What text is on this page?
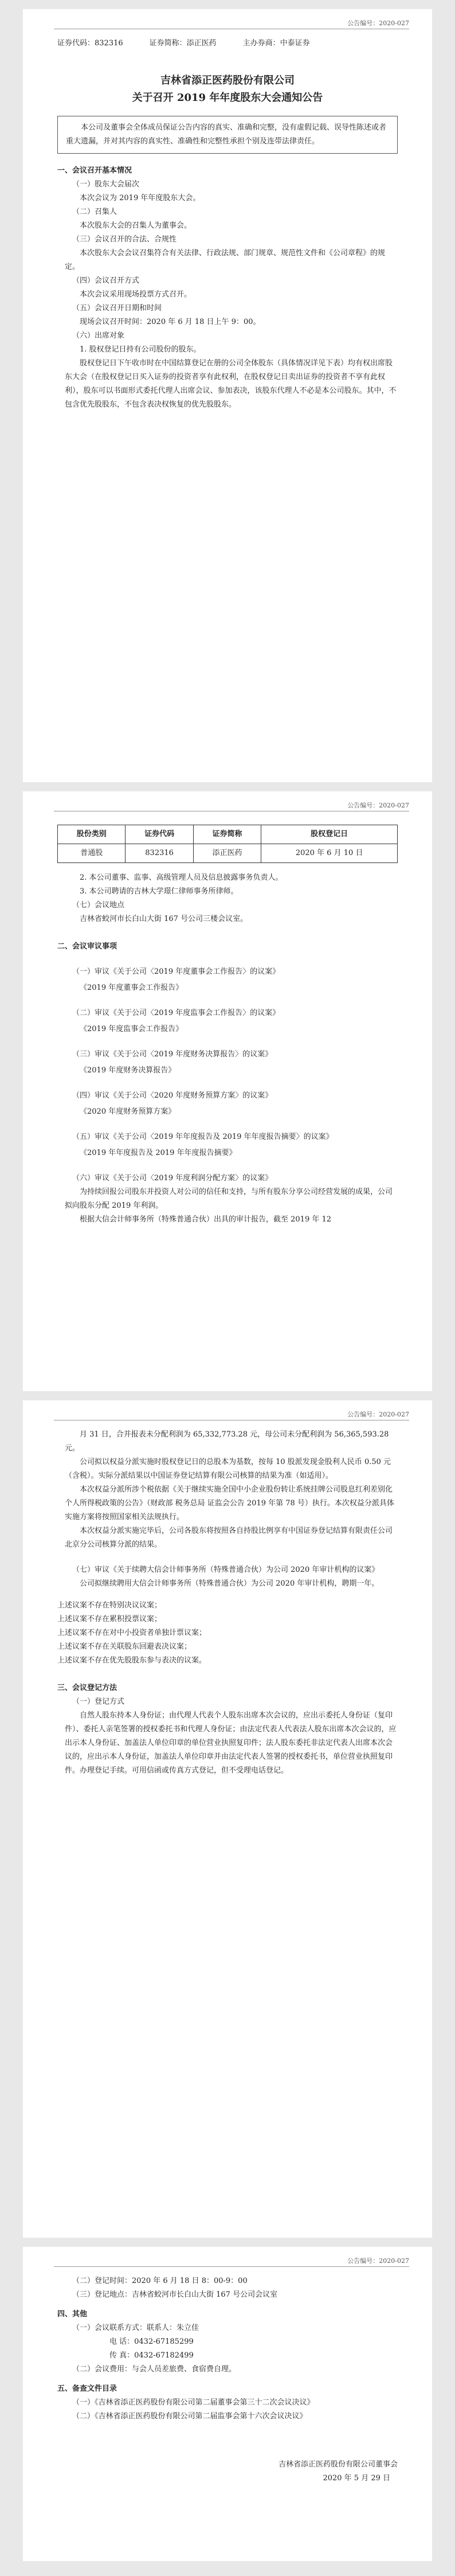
公告编号：2020-027
证券代码：832316	证券简称：添正医药	主办券商：中泰证券
吉林省添正医药股份有限公司
关于召开 2019 年年度股东大会通知公告
本公司及董事会全体成员保证公告内容的真实、准确和完整，没有虚假记载、误导性陈述或者重大遗漏，并对其内容的真实性、准确性和完整性承担个别及连带法律责任。
一、会议召开基本情况
（一）股东大会届次
本次会议为 2019 年年度股东大会。
（二）召集人
本次股东大会的召集人为董事会。
（三）会议召开的合法、合规性
本次股东大会会议召集符合有关法律、行政法规、部门规章、规范性文件和《公司章程》的规定。
（四）会议召开方式
本次会议采用现场投票方式召开。
（五）会议召开日期和时间
现场会议召开时间：2020 年 6 月 18 日上午 9：00。
（六）出席对象
1. 股权登记日持有公司股份的股东。
股权登记日下午收市时在中国结算登记在册的公司全体股东（具体情况详见下表）均有权出席股东大会（在股权登记日买入证券的投资者享有此权利，在股权登记日卖出证券的投资者不享有此权利），股东可以书面形式委托代理人出席会议、参加表决，该股东代理人不必是本公司股东。其中，不包含优先股股东，不包含表决权恢复的优先股股东。
公告编号：2020-027
股份类别	证券代码	证券简称	股权登记日
普通股	832316	添正医药	2020 年 6 月 10 日
2. 本公司董事、监事、高级管理人员及信息披露事务负责人。
3. 本公司聘请的吉林大学璟仁律师事务所律师。
（七）会议地点
吉林省蛟河市长白山大街 167 号公司三楼会议室。
二、会议审议事项
（一）审议《关于公司〈2019 年度董事会工作报告〉的议案》
《2019 年度董事会工作报告》
（二）审议《关于公司〈2019 年度监事会工作报告〉的议案》
《2019 年度监事会工作报告》
（三）审议《关于公司〈2019 年度财务决算报告〉的议案》
《2019 年度财务决算报告》
（四）审议《关于公司〈2020 年度财务预算方案〉的议案》
《2020 年度财务预算方案》
（五）审议《关于公司〈2019 年年度报告及 2019 年年度报告摘要〉的议案》
《2019 年年度报告及 2019 年年度报告摘要》
（六）审议《关于公司〈2019 年度利润分配方案〉的议案》
为持续回报公司股东并投资人对公司的信任和支持，与所有股东分享公司经营发展的成果，公司拟向股东分配 2019 年利润。
根据大信会计师事务所（特殊普通合伙）出具的审计报告，截至 2019 年 12
公告编号：2020-027
月 31 日，合并报表未分配利润为 65,332,773.28 元，母公司未分配利润为 56,365,593.28 元。
公司拟以权益分派实施时股权登记日的总股本为基数，按每 10 股派发现金股利人民币 0.50 元（含税）。实际分派结果以中国证券登记结算有限公司核算的结果为准（如适用）。
本次权益分派所涉个税依据《关于继续实施全国中小企业股份转让系统挂牌公司股息红利差别化个人所得税政策的公告》（财政部 税务总局 证监会公告 2019 年第 78 号）执行。本次权益分派具体实施方案将按照国家相关法规执行。
本次权益分派实施完毕后，公司各股东将按照各自持股比例享有中国证券登记结算有限责任公司北京分公司核算分派的结果。
（七）审议《关于续聘大信会计师事务所（特殊普通合伙）为公司 2020 年审计机构的议案》
公司拟继续聘用大信会计师事务所（特殊普通合伙）为公司 2020 年审计机构，聘期一年。
上述议案不存在特别决议议案；
上述议案不存在累积投票议案；
上述议案不存在对中小投资者单独计票议案；
上述议案不存在关联股东回避表决议案；
上述议案不存在优先股股东参与表决的议案。
三、会议登记方法
（一）登记方式
自然人股东持本人身份证；由代理人代表个人股东出席本次会议的，应出示委托人身份证（复印件）、委托人亲笔签署的授权委托书和代理人身份证；由法定代表人代表法人股东出席本次会议的，应出示本人身份证、加盖法人单位印章的单位营业执照复印件；法人股东委托非法定代表人出席本次会议的，应出示本人身份证，加盖法人单位印章并由法定代表人签署的授权委托书，单位营业执照复印件。办理登记手续。可用信函或传真方式登记，但不受理电话登记。
公告编号：2020-027
（二）登记时间：2020 年 6 月 18 日 8：00-9：00
（三）登记地点：吉林省蛟河市长白山大街 167 号公司会议室
四、其他
（一）会议联系方式：联系人：朱立佳
电 话：0432-67185299
传 真：0432-67182499
（二）会议费用：与会人员差旅费、食宿费自理。
五、备查文件目录
（一）《吉林省添正医药股份有限公司第二届董事会第三十二次会议决议》
（二）《吉林省添正医药股份有限公司第二届监事会第十六次会议决议》
吉林省添正医药股份有限公司董事会
2020 年 5 月 29 日
